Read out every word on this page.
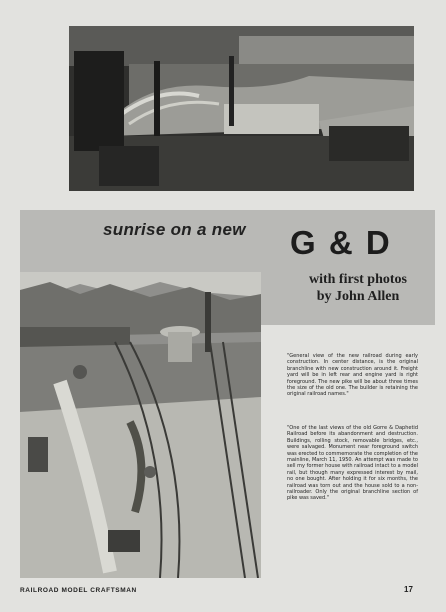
sunrise on a new G & D
with first photos
by John Allen
"General view of the new railroad during early construction. In center distance, is the original branchline with new construction around it. Freight yard will be in left rear and engine yard is right foreground. The new pike will be about three times the size of the old one. The builder is retaining the original railroad names."
"One of the last views of the old Gorre & Daphetid Railroad before its abandonment and destruction. Buildings, rolling stock, removable bridges, etc., were salvaged. Monument near foreground switch was erected to commemorate the completion of the mainline, March 11, 1950. An attempt was made to sell my former house with railroad intact to a model rail, but though many expressed interest by mail, no one bought. After holding it for six months, the railroad was torn out and the house sold to a non-railroader. Only the original branchline section of pike was saved."
RAILROAD MODEL CRAFTSMAN	17
